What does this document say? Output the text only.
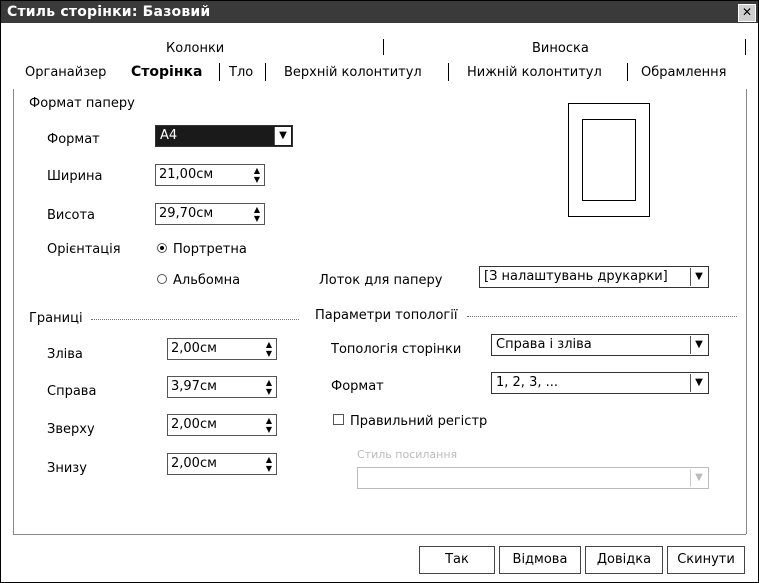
Стиль сторінки: Базовий	✕
Колонки	Виноска
Органайзер Сторінка Тло Верхній колонтитул	Нижній колонтитул	Обрамлення
Формат паперу
Формат	A4	▼
Ширина	21,00см	▲
▼
Висота	29,70см	▲
▼
Орієнтація	Портретна
Альбомна	Лоток для паперу	[З налаштувань друкарки]	▼
Границі
Зліва	2,00см	▲
▼
Справа	3,97см	▲
▼
Зверху	2,00см	▲
▼
Знизу	2,00см	▲
▼
Параметри топології
Топологія сторінки	Справа і зліва	▼
Формат	1, 2, 3, ...	▼
Правильний регістр
Стиль посилання
▼
Так	Відмова	Довідка	Скинути
